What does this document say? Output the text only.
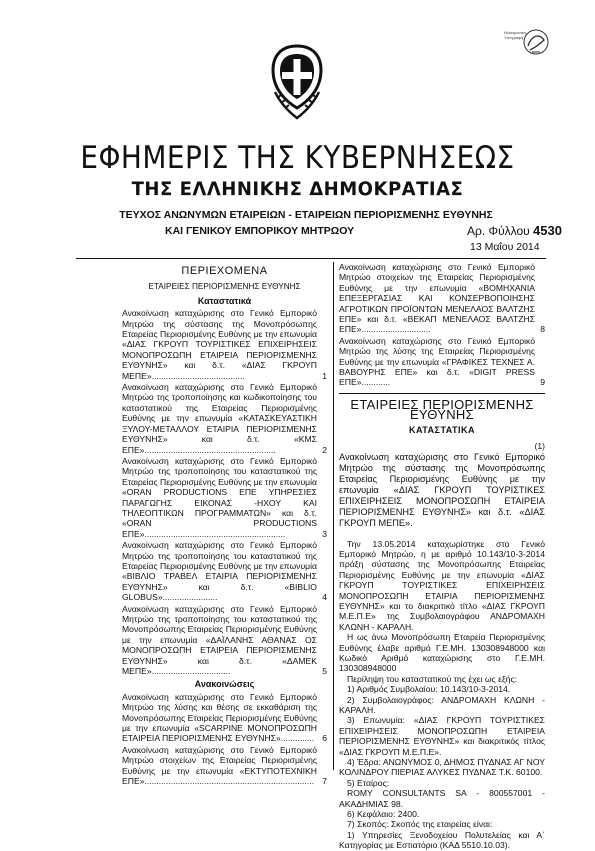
Ηλεκτρονική Υπογραφή
ΕΦΗΜΕΡΙΣ ΤΗΣ ΚΥΒΕΡΝΗΣΕΩΣ
ΤΗΣ ΕΛΛΗΝΙΚΗΣ ΔΗΜΟΚΡΑΤΙΑΣ
ΤΕΥΧΟΣ ΑΝΩΝΥΜΩΝ ΕΤΑΙΡΕΙΩΝ - ΕΤΑΙΡΕΙΩΝ ΠΕΡΙΟΡΙΣΜΕΝΗΣ ΕΥΘΥΝΗΣ
ΚΑΙ ΓΕΝΙΚΟΥ ΕΜΠΟΡΙΚΟΥ ΜΗΤΡΩΟΥ	Αρ. Φύλλου 4530
13 Μαΐου 2014
ΠΕΡΙΕΧΟΜΕΝΑ
ΕΤΑΙΡΕΙΕΣ ΠΕΡΙΟΡΙΣΜΕΝΗΣ ΕΥΘΥΝΗΣ
Καταστατικά
Ανακοίνωση καταχώρισης στο Γενικό Εμπορικό Μητρώο της σύστασης της Μονοπρόσωπης Εταιρείας Περιορισμένης Ευθύνης με την επωνυμία «ΔΙΑΣ ΓΚΡΟΥΠ ΤΟΥΡΙΣΤΙΚΕΣ ΕΠΙΧΕΙΡΗΣΕΙΣ ΜΟΝΟΠΡΟΣΩΠΗ ΕΤΑΙΡΕΙΑ ΠΕΡΙΟΡΙΣΜΕΝΗΣ ΕΥΘΥΝΗΣ» και δ.τ. «ΔΙΑΣ ΓΚΡΟΥΠ ΜΕΠΕ».......................................	1
Ανακοίνωση καταχώρισης στο Γενικό Εμπορικό Μητρώο της τροποποίησης και κωδικοποίησης του καταστατικού της Εταιρείας Περιορισμένης Ευθύνης με την επωνυμία «ΚΑΤΑΣΚΕΥΑΣΤΙΚΗ ΞΥΛΟΥ-ΜΕΤΑΛΛΟΥ ΕΤΑΙΡΙΑ ΠΕΡΙΟΡΙΣΜΕΝΗΣ ΕΥΘΥΝΗΣ» και δ.τ. «ΚΜΣ ΕΠΕ».......................................................	2
Ανακοίνωση καταχώρισης στο Γενικό Εμπορικό Μητρώο της τροποποίησης του καταστατικού της Εταιρείας Περιορισμένης Ευθύνης με την επωνυμία «ORAN PRODUCTIONS ΕΠΕ ΥΠΗΡΕΣΙΕΣ ΠΑΡΑΓΩΓΗΣ ΕΙΚΟΝΑΣ -ΗΧΟΥ ΚΑΙ ΤΗΛΕΟΠΤΙΚΩΝ ΠΡΟΓΡΑΜΜΑΤΩΝ» και δ.τ. «ORAN PRODUCTIONS ΕΠΕ»...........................................................	3
Ανακοίνωση καταχώρισης στο Γενικό Εμπορικό Μητρώο της τροποποίησης του καταστατικού της Εταιρείας Περιορισμένης Ευθύνης με την επωνυμία «ΒΙΒΛΙΟ ΤΡΑΒΕΛ ΕΤΑΙΡΙΑ ΠΕΡΙΟΡΙΣΜΕΝΗΣ ΕΥΘΥΝΗΣ» και δ.τ. «BIBLIO GLOBUS».......................	4
Ανακοίνωση καταχώρισης στο Γενικό Εμπορικό Μητρώο της τροποποίησης του καταστατικού της Μονοπρόσωπης Εταιρείας Περιορισμένης Ευθύνης με την επωνυμία «ΔΑΪΛΑΝΗΣ ΑΘΑΝΑΣ ΟΣ ΜΟΝΟΠΡΟΣΩΠΗ ΕΤΑΙΡΕΙΑ ΠΕΡΙΟΡΙΣΜΕΝΗΣ ΕΥΘΥΝΗΣ» και δ.τ. «ΔΑΜΕΚ ΜΕΠΕ».................................	5
Ανακοινώσεις
Ανακοίνωση καταχώρισης στο Γενικό Εμπορικό Μητρώο της λύσης και θέσης σε εκκαθάριση της Μονοπρόσωπης Εταιρείας Περιορισμένης Ευθύνης με την επωνυμία «SCARPINE ΜΟΝΟΠΡΟΣΩΠΗ ΕΤΑΙΡΕΙΑ ΠΕΡΙΟΡΙΣΜΕΝΗΣ ΕΥΘΥΝΗΣ».............. 6
Ανακοίνωση καταχώρισης στο Γενικό Εμπορικό Μητρώο στοιχείων της Εταιρείας Περιορισμένης Ευθύνης με την επωνυμία «ΕΚΤΥΠΟΤΕΧΝΙΚΗ ΕΠΕ»....................................................................... 7
Ανακοίνωση καταχώρισης στο Γενικό Εμπορικό Μητρώο στοιχείων της Εταιρείας Περιορισμένης Ευθύνης με την επωνυμία «ΒΟΜΗΧΑΝΙΑ ΕΠΕΞΕΡΓΑΣΙΑΣ ΚΑΙ ΚΟΝΣΕΡΒΟΠΟΙΗΣΗΣ ΑΓΡΟΤΙΚΩΝ ΠΡΟΪΟΝΤΩΝ ΜΕΝΕΛΑΟΣ ΒΑΛΤΖΗΣ ΕΠΕ» και δ.τ. «ΒΕΚΑΠ ΜΕΝΕΛΑΟΣ ΒΑΛΤΖΗΣ ΕΠΕ».............................	8
Ανακοίνωση καταχώρισης στο Γενικό Εμπορικό Μητρώο της λύσης της Εταιρείας Περιορισμένης Ευθύνης με την επωνυμία «ΓΡΑΦΙΚΕΣ ΤΕΧΝΕΣ Α. ΒΑΒΟΥΡΗΣ ΕΠΕ» και δ.τ. «DIGIT PRESS ΕΠΕ»............	9
ΕΤΑΙΡΕΙΕΣ ΠΕΡΙΟΡΙΣΜΕΝΗΣ ΕΥΘΥΝΗΣ
ΚΑΤΑΣΤΑΤΙΚΑ
(1)
Ανακοίνωση καταχώρισης στο Γενικό Εμπορικό Μητρώο της σύστασης της Μονοπρόσωπης Εταιρείας Περιορισμένης Ευθύνης με την επωνυμία «ΔΙΑΣ ΓΚΡΟΥΠ ΤΟΥΡΙΣΤΙΚΕΣ ΕΠΙΧΕΙΡΗΣΕΙΣ ΜΟΝΟΠΡΟΣΩΠΗ ΕΤΑΙΡΕΙΑ ΠΕΡΙΟΡΙΣΜΕΝΗΣ ΕΥΘΥΝΗΣ» και δ.τ. «ΔΙΑΣ ΓΚΡΟΥΠ ΜΕΠΕ».
Την 13.05.2014 καταχωρίστηκε στο Γενικό Εμπορικό Μητρώο, η με αριθμό 10.143/10-3-2014 πράξη σύστασης της Μονοπρόσωπης Εταιρείας Περιορισμένης Ευθύνης με την επωνυμία «ΔΙΑΣ ΓΚΡΟΥΠ ΤΟΥΡΙΣΤΙΚΕΣ ΕΠΙΧΕΙΡΗΣΕΙΣ ΜΟΝΟΠΡΟΣΩΠΗ ΕΤΑΙΡΙΑ ΠΕΡΙΟΡΙΣΜΕΝΗΣ ΕΥΘΥΝΗΣ» και το διακριτικό τίτλο «ΔΙΑΣ ΓΚΡΟΥΠ Μ.Ε.Π.Ε» της Συμβολαιογράφου ΑΝΔΡΟΜΑΧΗ ΚΛΩΝΗ - ΚΑΡΑΛΗ.
Η ως άνω Μονοπρόσωπη Εταιρεία Περιορισμένης Ευθύνης έλαβε αριθμό Γ.Ε.ΜΗ. 130308948000 και Κωδικό Αριθμό καταχώρισης στο Γ.Ε.ΜΗ. 130308948000
Περίληψη του καταστατικού της έχει ως εξής:
1) Αριθμός Συμβολαίου: 10.143/10-3-2014.
2) Συμβολαιογράφος: ΑΝΔΡΟΜΑΧΗ ΚΛΩΝΗ - ΚΑΡΑΛΗ.
3) Επωνυμία: «ΔΙΑΣ ΓΚΡΟΥΠ ΤΟΥΡΙΣΤΙΚΕΣ ΕΠΙΧΕΙΡΗΣΕΙΣ ΜΟΝΟΠΡΟΣΩΠΗ ΕΤΑΙΡΕΙΑ ΠΕΡΙΟΡΙΣΜΕΝΗΣ ΕΥΘΥΝΗΣ» και διακριτικός τίτλος «ΔΙΑΣ ΓΚΡΟΥΠ Μ.Ε.Π.Ε».
4) Έδρα: ΑΝΩΝΥΜΟΣ 0, ΔΗΜΟΣ ΠΥΔΝΑΣ ΑΓ ΝΟΥ ΚΟΛΙΝΔΡΟΥ ΠΙΕΡΙΑΣ ΑΛΥΚΕΣ ΠΥΔΝΑΣ Τ.Κ. 60100.
5) Εταίρος:
ROMY CONSULTANTS SA - 800557001 - ΑΚΑΔΗΜΙΑΣ 98.
6) Κεφάλαιο: 2400.
7) Σκοπός: Σκοπός της εταιρείας είναι:
1) Υπηρεσίες Ξενοδοχείου Πολυτελείας και Α΄ Κατηγορίας με Εστιατόριο (ΚΑΔ 5510.10.03).
